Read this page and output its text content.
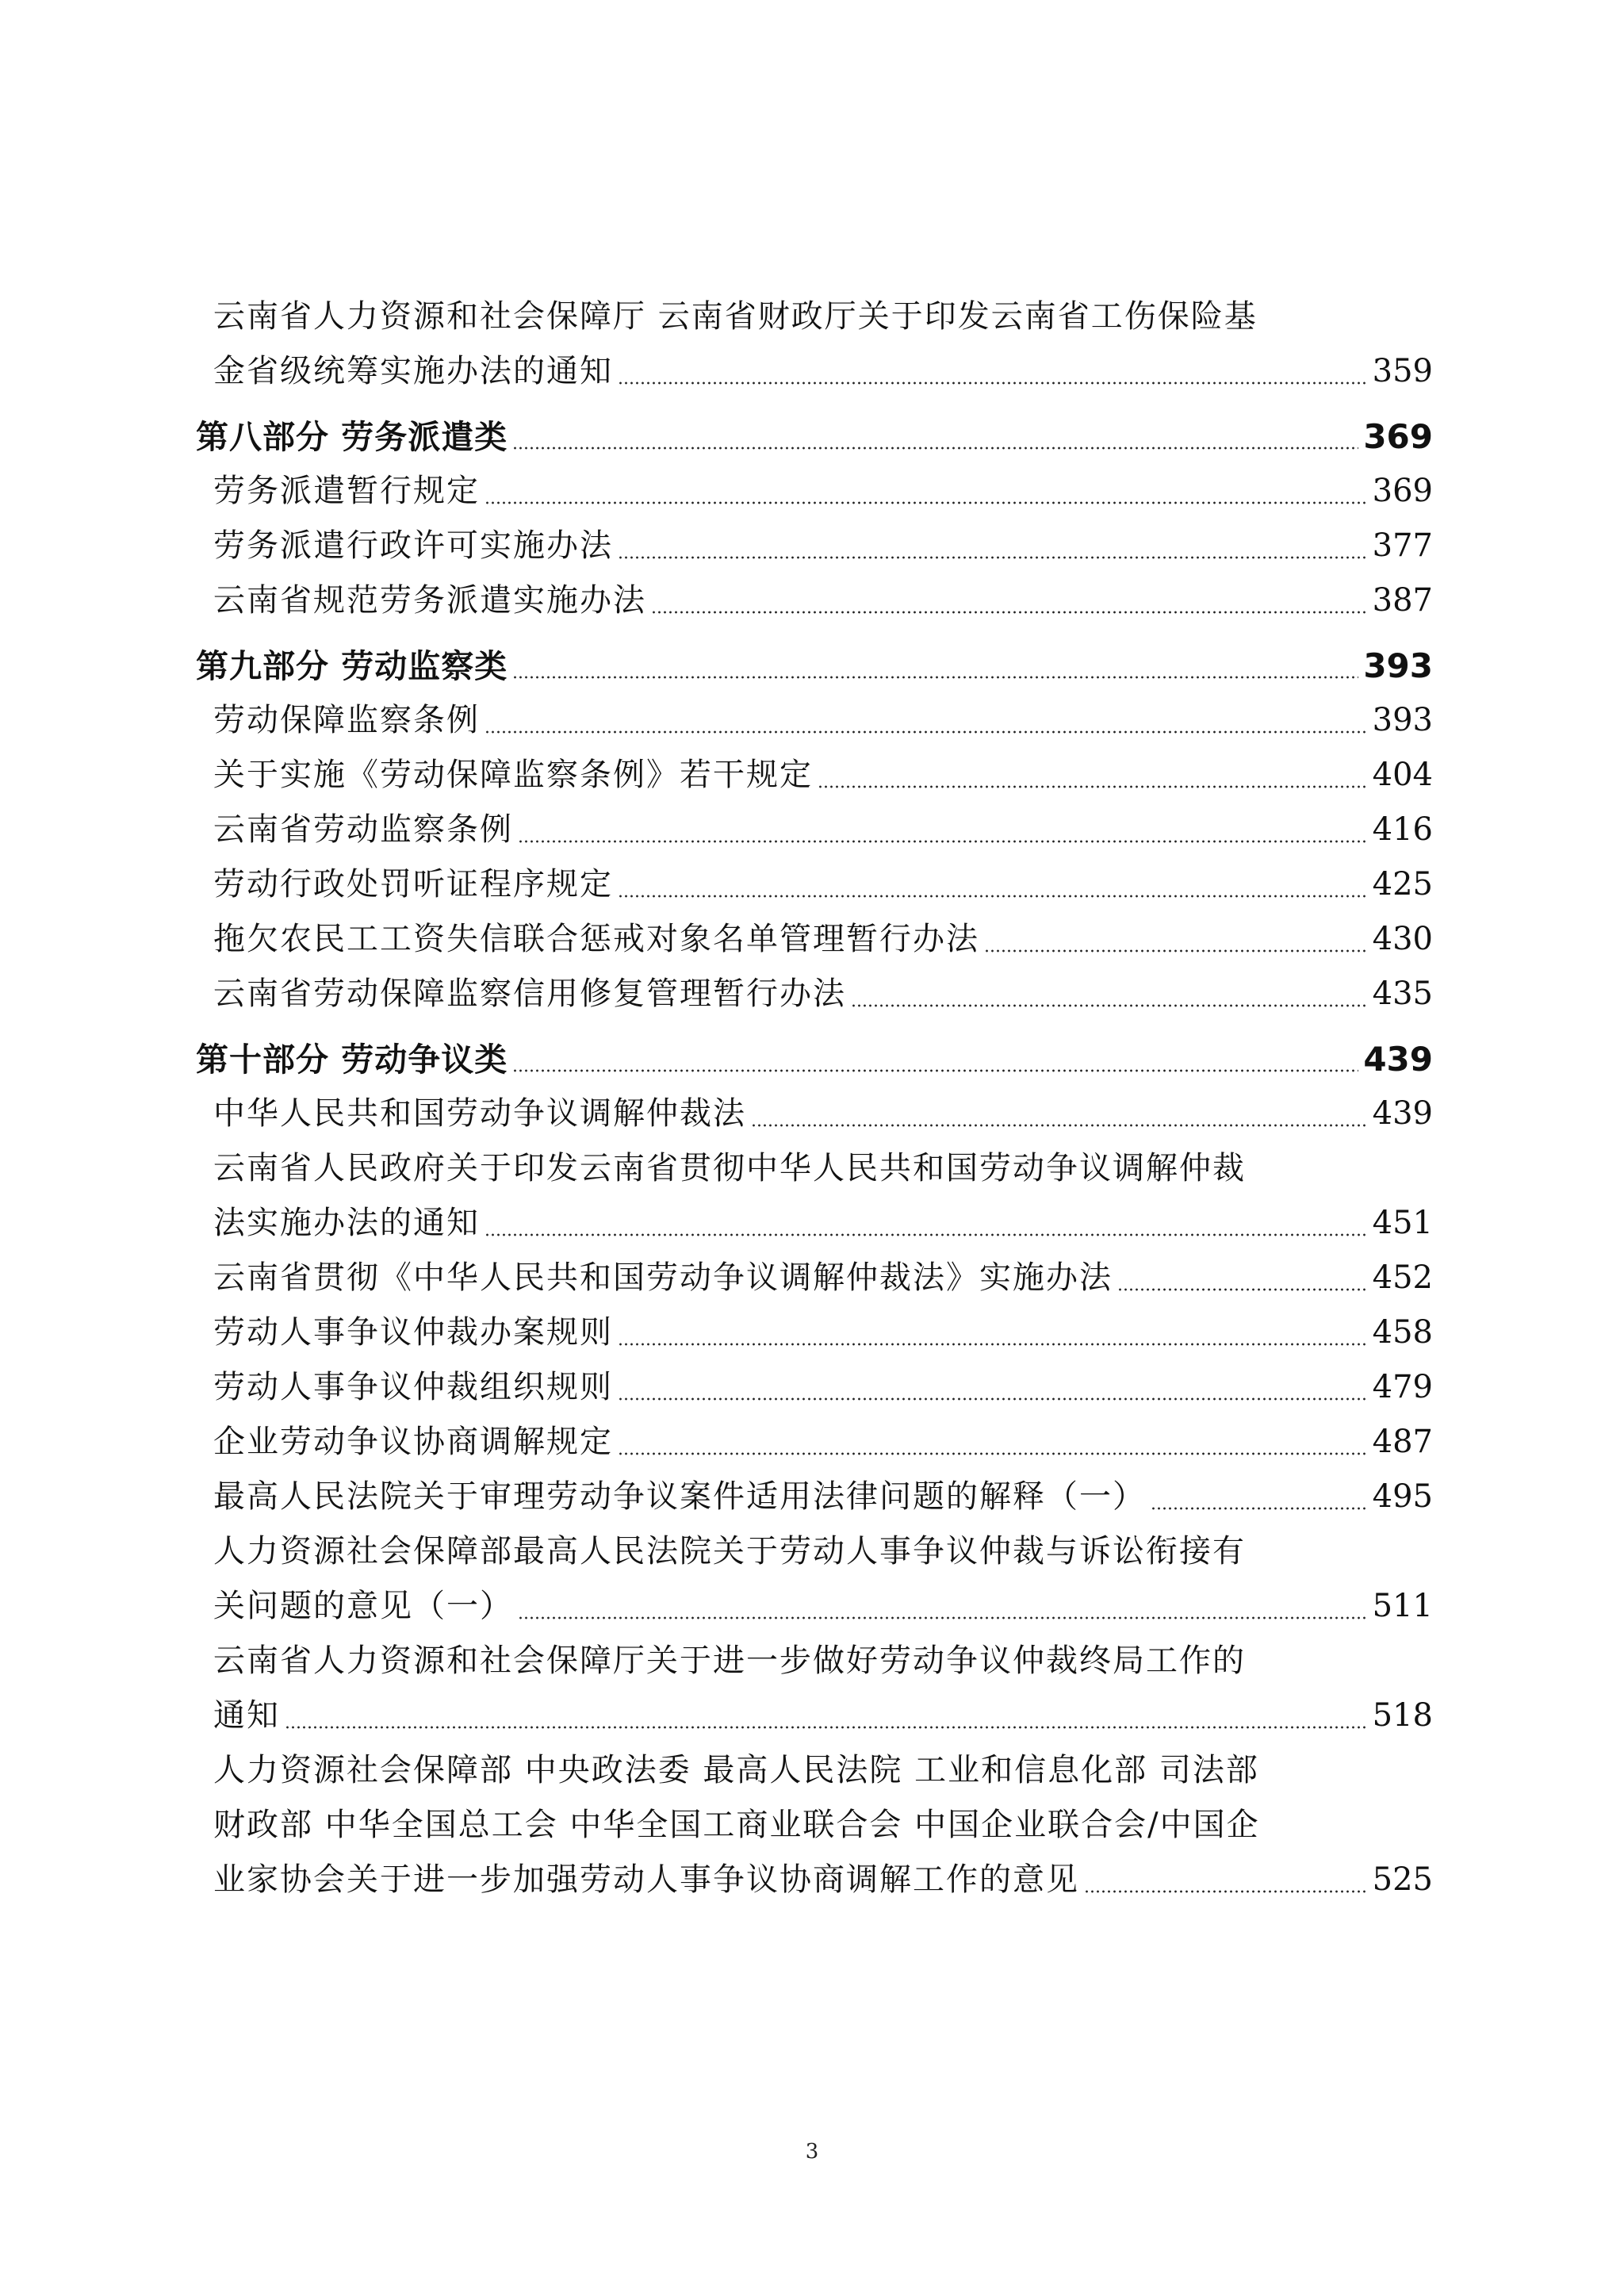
云南省人力资源和社会保障厅 云南省财政厅关于印发云南省工伤保险基
金省级统筹实施办法的通知	359
第八部分 劳务派遣类	369
劳务派遣暂行规定	369
劳务派遣行政许可实施办法	377
云南省规范劳务派遣实施办法	387
第九部分 劳动监察类	393
劳动保障监察条例	393
关于实施《劳动保障监察条例》若干规定	404
云南省劳动监察条例	416
劳动行政处罚听证程序规定	425
拖欠农民工工资失信联合惩戒对象名单管理暂行办法	430
云南省劳动保障监察信用修复管理暂行办法	435
第十部分 劳动争议类	439
中华人民共和国劳动争议调解仲裁法	439
云南省人民政府关于印发云南省贯彻中华人民共和国劳动争议调解仲裁
法实施办法的通知	451
云南省贯彻《中华人民共和国劳动争议调解仲裁法》实施办法	452
劳动人事争议仲裁办案规则	458
劳动人事争议仲裁组织规则	479
企业劳动争议协商调解规定	487
最高人民法院关于审理劳动争议案件适用法律问题的解释（一）	495
人力资源社会保障部最高人民法院关于劳动人事争议仲裁与诉讼衔接有
关问题的意见（一）	511
云南省人力资源和社会保障厅关于进一步做好劳动争议仲裁终局工作的
通知	518
人力资源社会保障部 中央政法委 最高人民法院 工业和信息化部 司法部
财政部 中华全国总工会 中华全国工商业联合会 中国企业联合会/中国企
业家协会关于进一步加强劳动人事争议协商调解工作的意见	525
3
